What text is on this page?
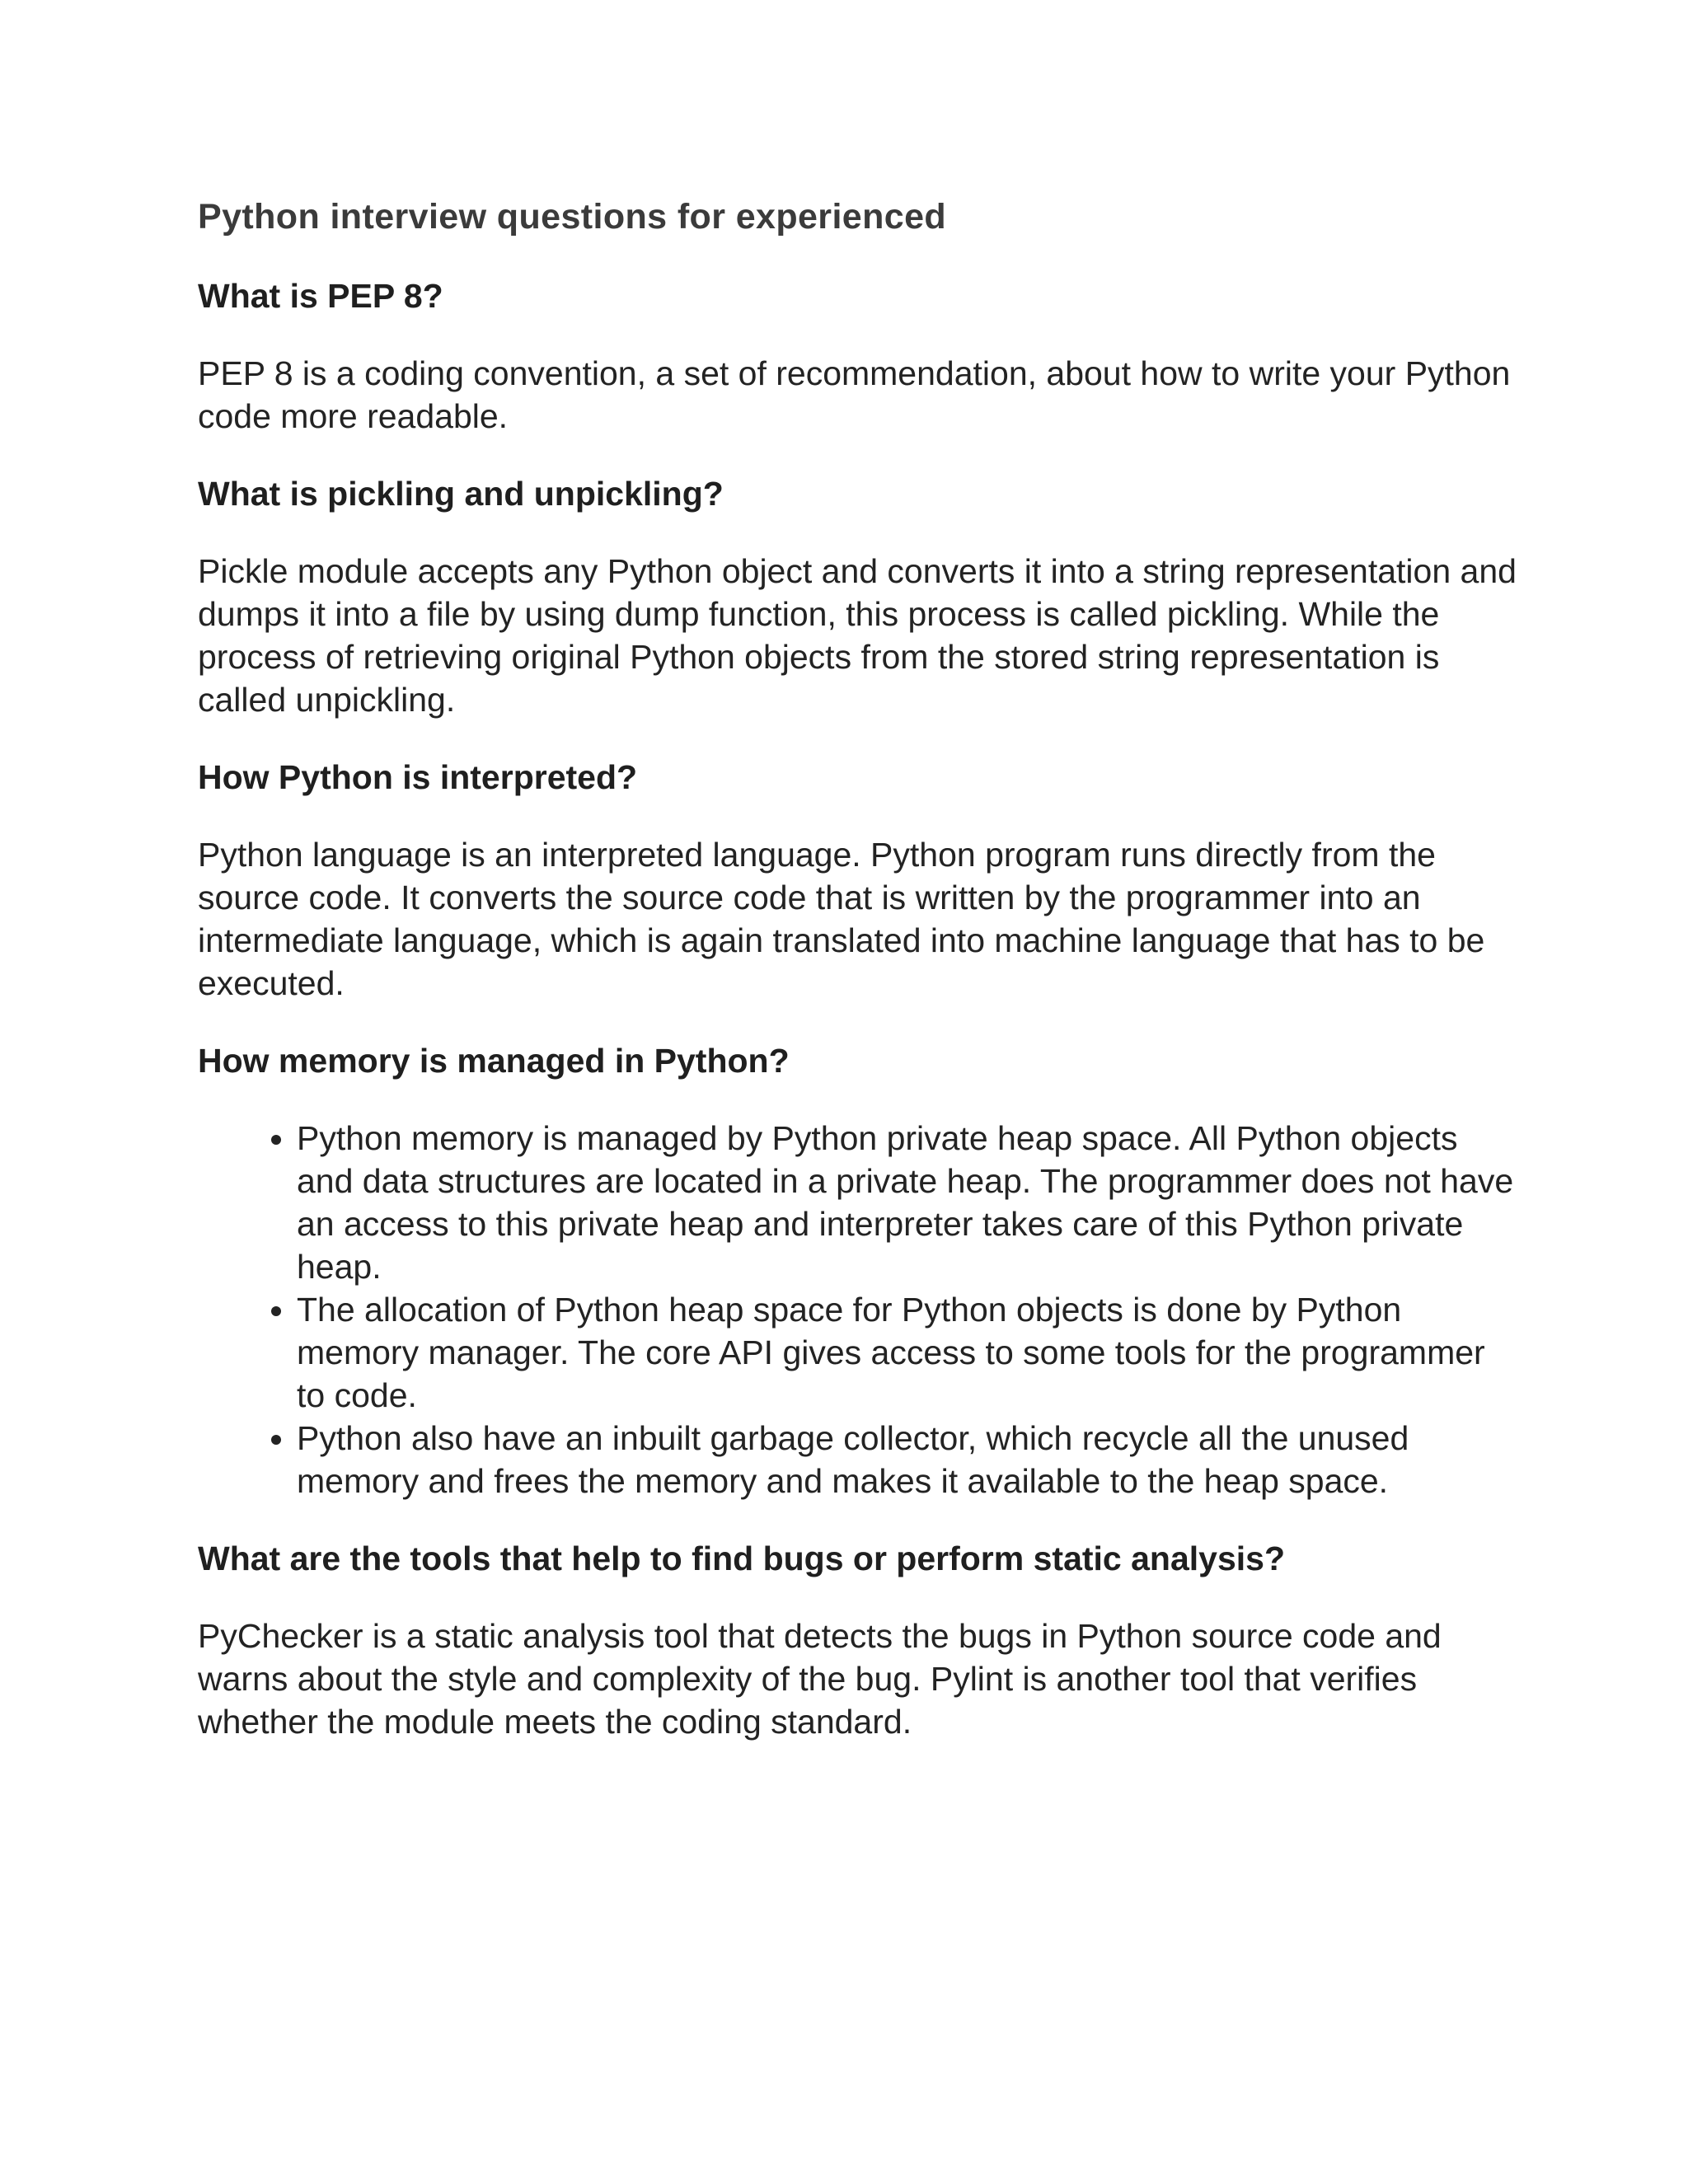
Python interview questions for experienced
What is PEP 8?

PEP 8 is a coding convention, a set of recommendation, about how to write your Python code more readable.

What is pickling and unpickling?

Pickle module accepts any Python object and converts it into a string representation and dumps it into a file by using dump function, this process is called pickling. While the process of retrieving original Python objects from the stored string representation is called unpickling.

How Python is interpreted?

Python language is an interpreted language. Python program runs directly from the source code. It converts the source code that is written by the programmer into an intermediate language, which is again translated into machine language that has to be executed.

How memory is managed in Python?
• Python memory is managed by Python private heap space. All Python objects and data structures are located in a private heap. The programmer does not have an access to this private heap and interpreter takes care of this Python private heap.
• The allocation of Python heap space for Python objects is done by Python memory manager. The core API gives access to some tools for the programmer to code.
• Python also have an inbuilt garbage collector, which recycle all the unused memory and frees the memory and makes it available to the heap space.
What are the tools that help to find bugs or perform static analysis?

PyChecker is a static analysis tool that detects the bugs in Python source code and warns about the style and complexity of the bug. Pylint is another tool that verifies whether the module meets the coding standard.
